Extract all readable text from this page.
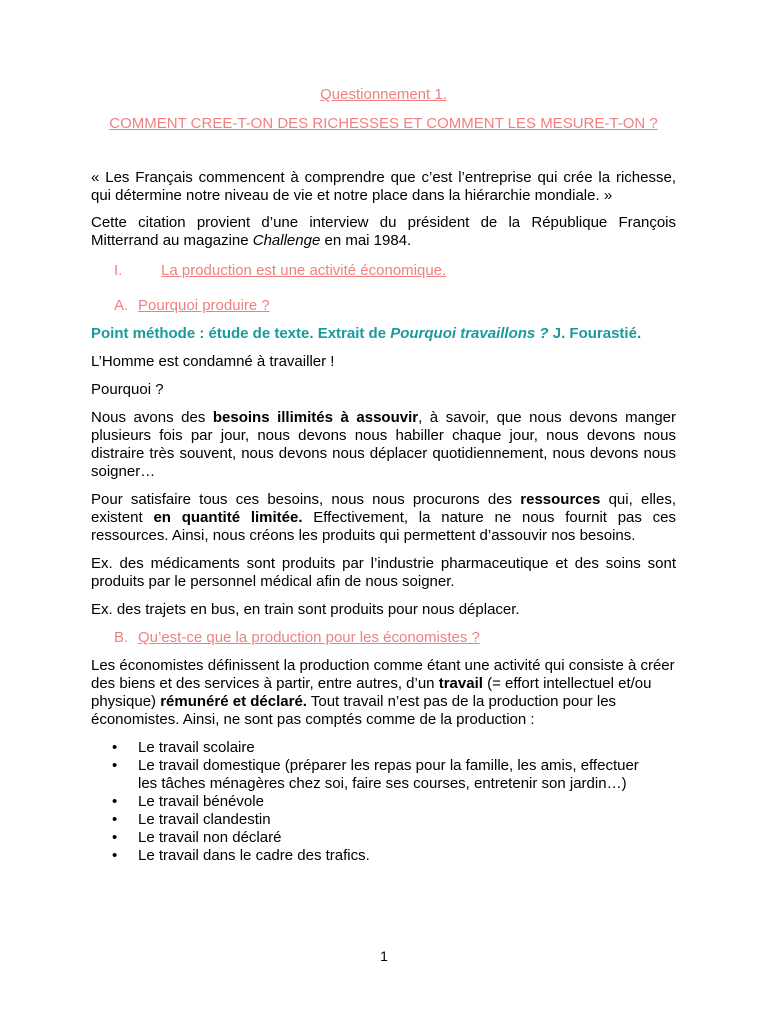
Questionnement 1.

COMMENT CREE-T-ON DES RICHESSES ET COMMENT LES MESURE-T-ON ?

« Les Français commencent à comprendre que c’est l’entreprise qui crée la richesse, qui détermine notre niveau de vie et notre place dans la hiérarchie mondiale. »

Cette citation provient d’une interview du président de la République François Mitterrand au magazine Challenge en mai 1984.

I.	La production est une activité économique.
A. Pourquoi produire ?

Point méthode : étude de texte. Extrait de Pourquoi travaillons ? J. Fourastié.

L’Homme est condamné à travailler !

Pourquoi ?

Nous avons des besoins illimités à assouvir, à savoir, que nous devons manger plusieurs fois par jour, nous devons nous habiller chaque jour, nous devons nous distraire très souvent, nous devons nous déplacer quotidiennement, nous devons nous soigner…

Pour satisfaire tous ces besoins, nous nous procurons des ressources qui, elles, existent en quantité limitée. Effectivement, la nature ne nous fournit pas ces ressources. Ainsi, nous créons les produits qui permettent d’assouvir nos besoins.

Ex. des médicaments sont produits par l’industrie pharmaceutique et des soins sont produits par le personnel médical afin de nous soigner.

Ex. des trajets en bus, en train sont produits pour nous déplacer.

B. Qu’est-ce que la production pour les économistes ?

Les économistes définissent la production comme étant une activité qui consiste à créer des biens et des services à partir, entre autres, d’un travail (= effort intellectuel et/ou physique) rémunéré et déclaré. Tout travail n’est pas de la production pour les économistes. Ainsi, ne sont pas comptés comme de la production :

• Le travail scolaire
• Le travail domestique (préparer les repas pour la famille, les amis, effectuer les tâches ménagères chez soi, faire ses courses, entretenir son jardin…)
• Le travail bénévole
• Le travail clandestin
• Le travail non déclaré
• Le travail dans le cadre des trafics.
1
